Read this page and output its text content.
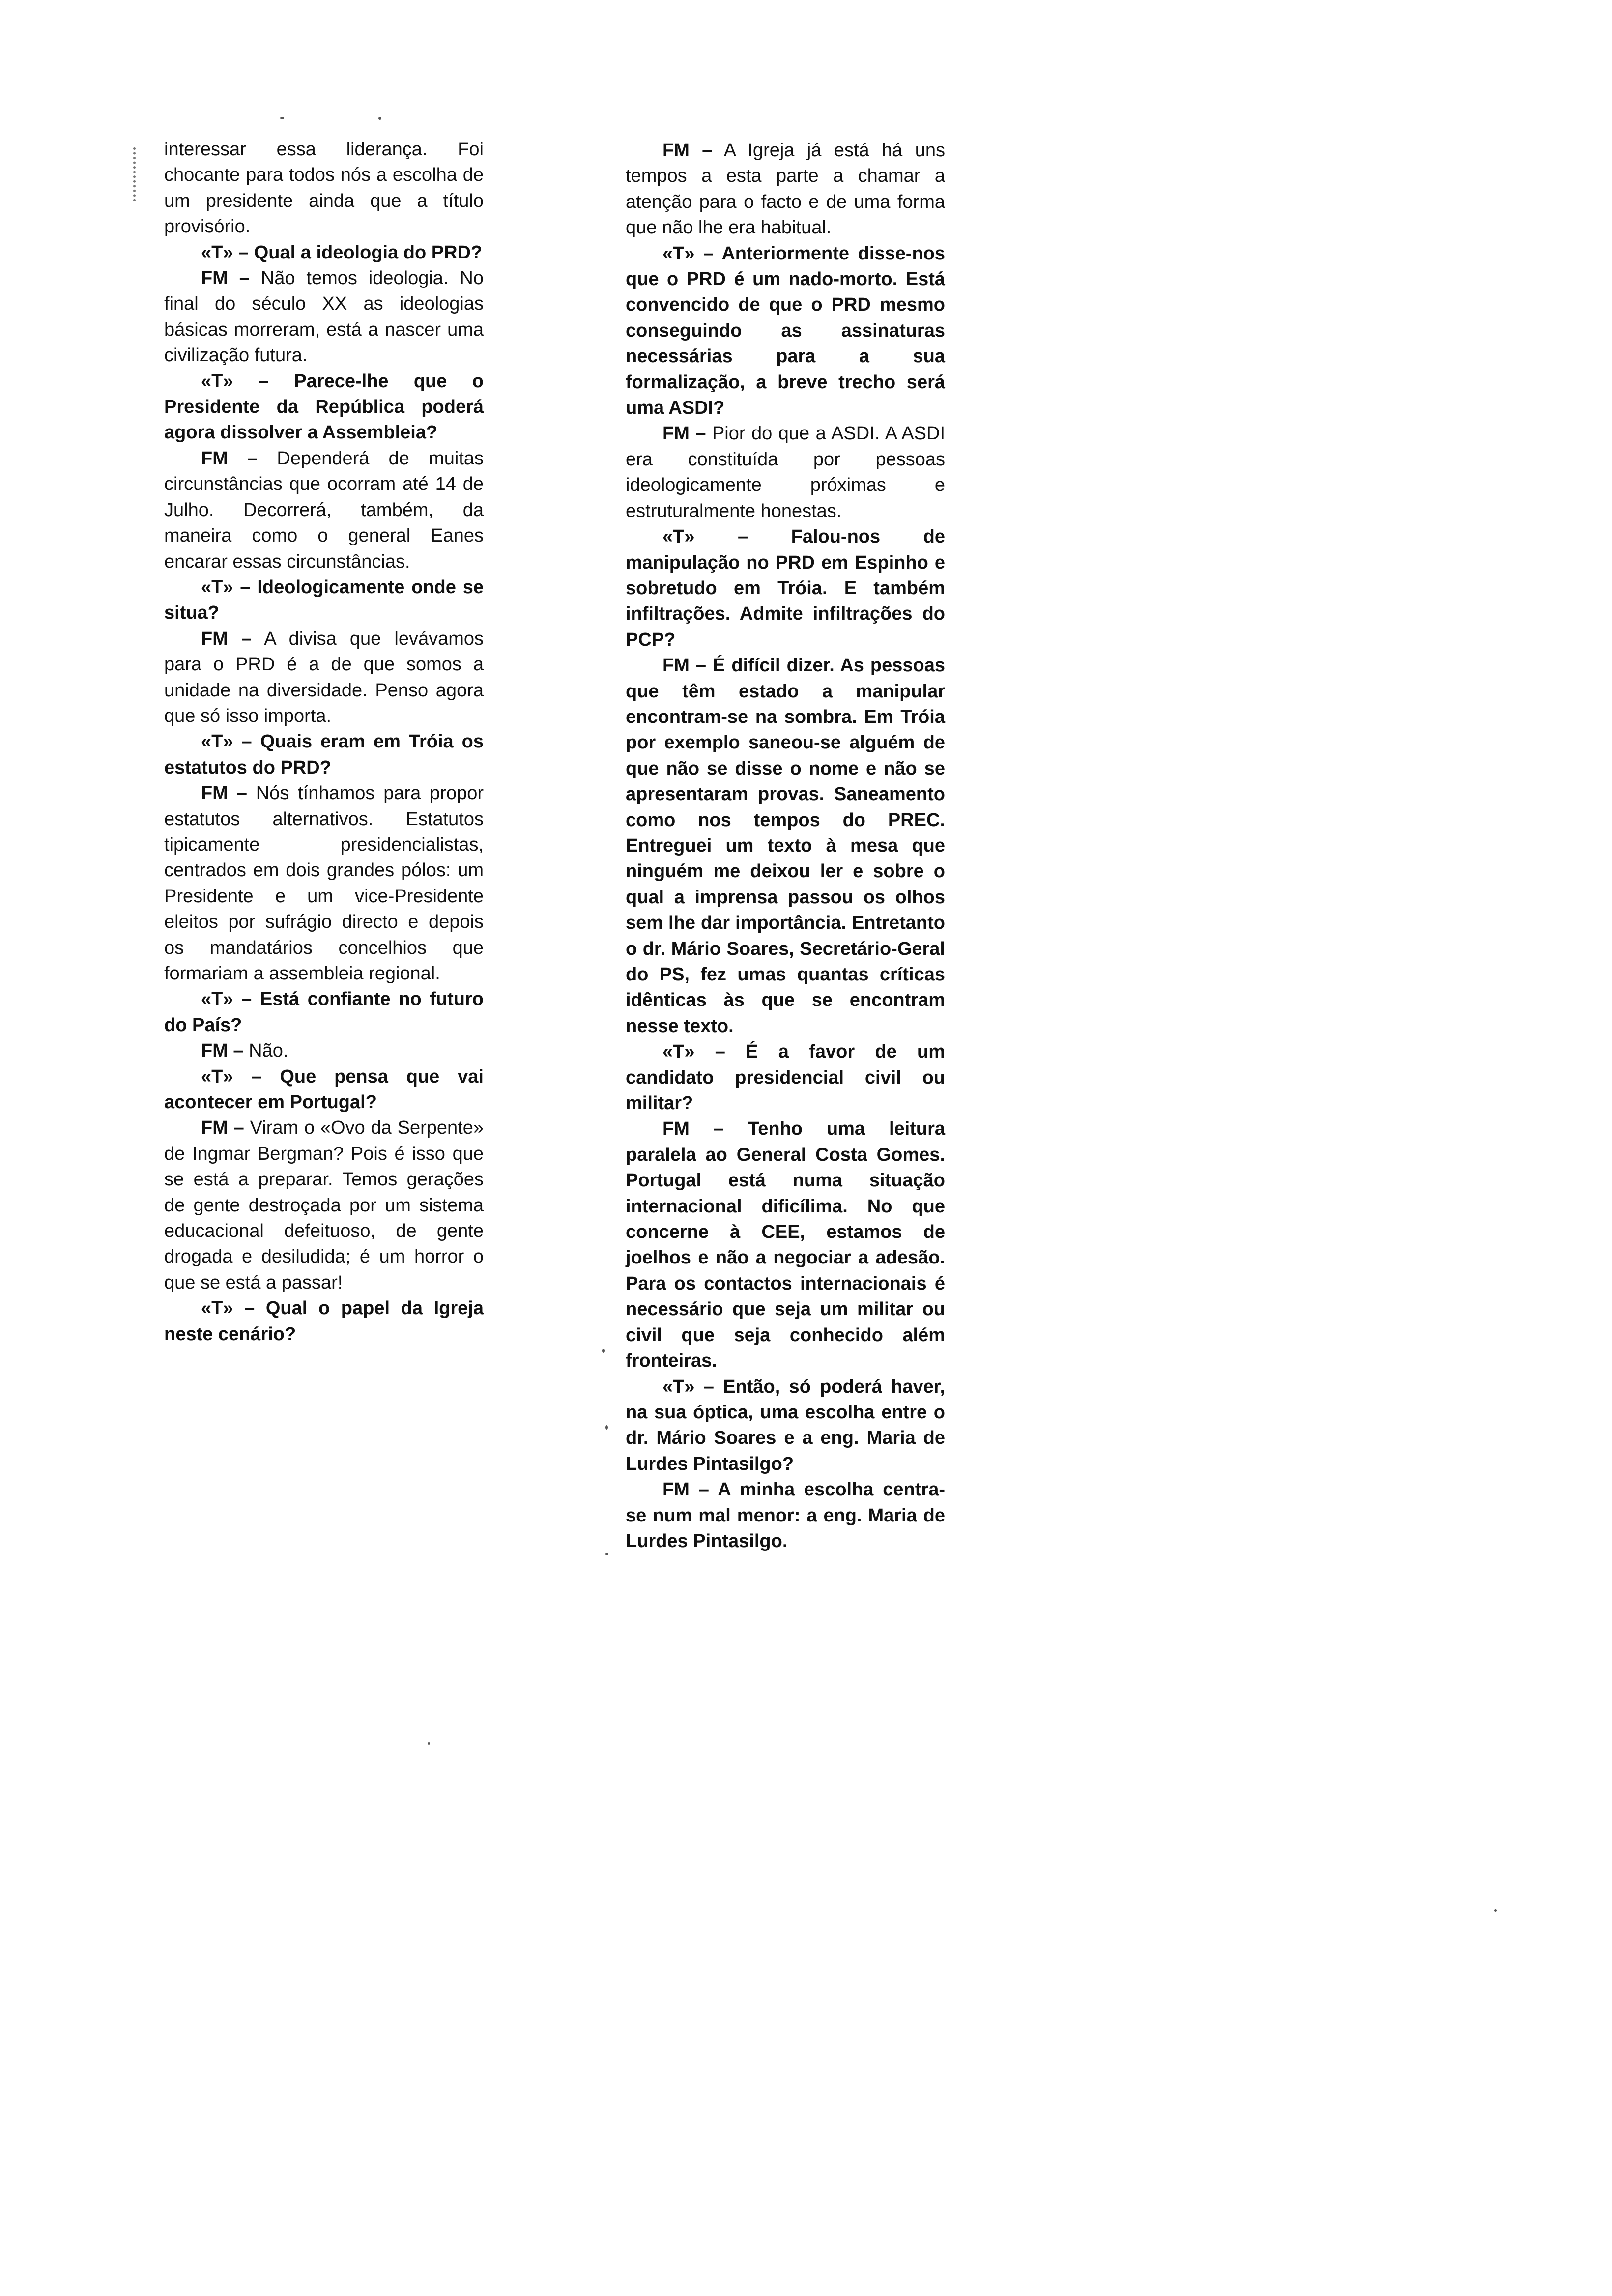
interessar essa liderança. Foi chocante para todos nós a escolha de um presidente ainda que a título provisório.

«T» – Qual a ideologia do PRD?

FM – Não temos ideologia. No final do século XX as ideologias básicas morreram, está a nascer uma civilização futura.

«T» – Parece-lhe que o Presidente da República poderá agora dissolver a Assembleia?

FM – Dependerá de muitas circunstâncias que ocorram até 14 de Julho. Decorrerá, também, da maneira como o general Eanes encarar essas circunstâncias.

«T» – Ideologicamente onde se situa?

FM – A divisa que levávamos para o PRD é a de que somos a unidade na diversidade. Penso agora que só isso importa.

«T» – Quais eram em Tróia os estatutos do PRD?

FM – Nós tínhamos para propor estatutos alternativos. Estatutos tipicamente presidencialistas, centrados em dois grandes pólos: um Presidente e um vice-Presidente eleitos por sufrágio directo e depois os mandatários concelhios que formariam a assembleia regional.

«T» – Está confiante no futuro do País?

FM – Não.

«T» – Que pensa que vai acontecer em Portugal?

FM – Viram o «Ovo da Serpente» de Ingmar Bergman? Pois é isso que se está a preparar. Temos gerações de gente destroçada por um sistema educacional defeituoso, de gente drogada e desiludida; é um horror o que se está a passar!

«T» – Qual o papel da Igreja neste cenário?

FM – A Igreja já está há uns tempos a esta parte a chamar a atenção para o facto e de uma forma que não lhe era habitual.

«T» – Anteriormente disse-nos que o PRD é um nado-morto. Está convencido de que o PRD mesmo conseguindo as assinaturas necessárias para a sua formalização, a breve trecho será uma ASDI?

FM – Pior do que a ASDI. A ASDI era constituída por pessoas ideologicamente próximas e estruturalmente honestas.

«T» – Falou-nos de manipulação no PRD em Espinho e sobretudo em Tróia. E também infiltrações. Admite infiltrações do PCP?

FM – É difícil dizer. As pessoas que têm estado a manipular encontram-se na sombra. Em Tróia por exemplo saneou-se alguém de que não se disse o nome e não se apresentaram provas. Saneamento como nos tempos do PREC. Entreguei um texto à mesa que ninguém me deixou ler e sobre o qual a imprensa passou os olhos sem lhe dar importância. Entretanto o dr. Mário Soares, Secretário-Geral do PS, fez umas quantas críticas idênticas às que se encontram nesse texto.

«T» – É a favor de um candidato presidencial civil ou militar?

FM – Tenho uma leitura paralela ao General Costa Gomes. Portugal está numa situação internacional dificílima. No que concerne à CEE, estamos de joelhos e não a negociar a adesão. Para os contactos internacionais é necessário que seja um militar ou civil que seja conhecido além fronteiras.

«T» – Então, só poderá haver, na sua óptica, uma escolha entre o dr. Mário Soares e a eng. Maria de Lurdes Pintasilgo?

FM – A minha escolha centra-se num mal menor: a eng. Maria de Lurdes Pintasilgo.
